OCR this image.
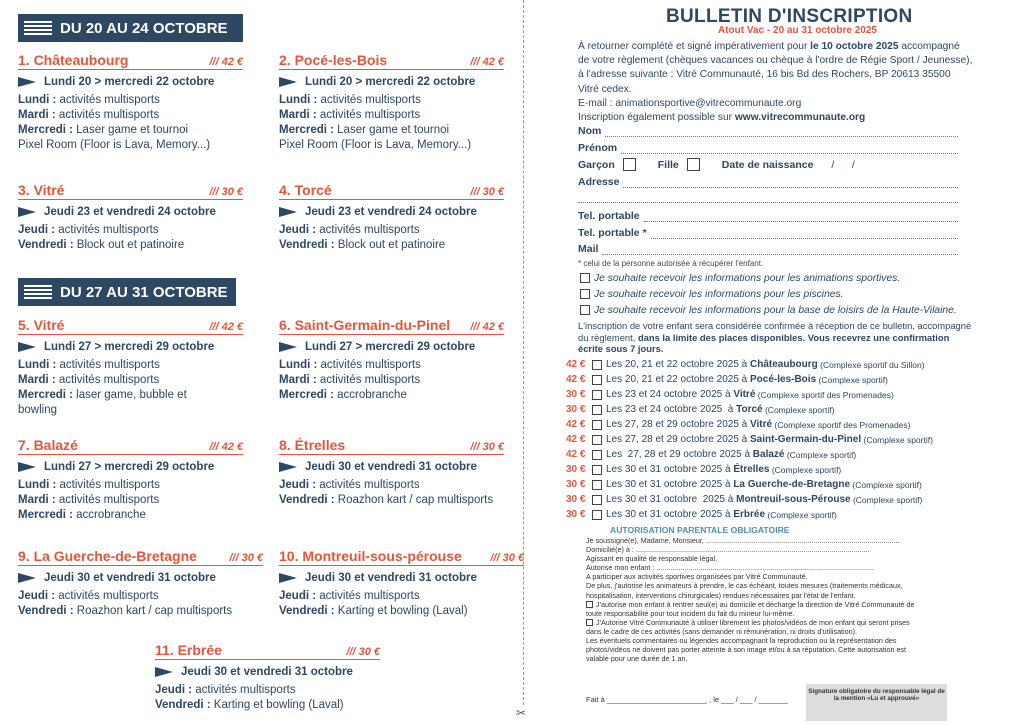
DU 20 AU 24 OCTOBRE
DU 27 AU 31 OCTOBRE
1. Châteaubourg	/// 42 €
Lundi 20 > mercredi 22 octobre
Lundi : activités multisports
Mardi : activités multisports
Mercredi : Laser game et tournoi
Pixel Room (Floor is Lava, Memory...)
2. Pocé-les-Bois	/// 42 €
Lundi 20 > mercredi 22 octobre
Lundi : activités multisports
Mardi : activités multisports
Mercredi : Laser game et tournoi
Pixel Room (Floor is Lava, Memory...)
3. Vitré	/// 30 €
Jeudi 23 et vendredi 24 octobre
Jeudi : activités multisports
Vendredi : Block out et patinoire
4. Torcé	/// 30 €
Jeudi 23 et vendredi 24 octobre
Jeudi : activités multisports
Vendredi : Block out et patinoire
5. Vitré	/// 42 €
Lundi 27 > mercredi 29 octobre
Lundi : activités multisports
Mardi : activités multisports
Mercredi : laser game, bubble et
bowling
6. Saint-Germain-du-Pinel	/// 42 €
Lundi 27 > mercredi 29 octobre
Lundi : activités multisports
Mardi : activités multisports
Mercredi : accrobranche
7. Balazé	/// 42 €
Lundi 27 > mercredi 29 octobre
Lundi : activités multisports
Mardi : activités multisports
Mercredi : accrobranche
8. Étrelles	/// 30 €
Jeudi 30 et vendredi 31 octobre
Jeudi : activités multisports
Vendredi : Roazhon kart / cap multisports
9. La Guerche-de-Bretagne	/// 30 €
Jeudi 30 et vendredi 31 octobre
Jeudi : activités multisports
Vendredi : Roazhon kart / cap multisports
10. Montreuil-sous-pérouse	/// 30 €
Jeudi 30 et vendredi 31 octobre
Jeudi : activités multisports
Vendredi : Karting et bowling (Laval)
11. Erbrée	/// 30 €
Jeudi 30 et vendredi 31 octobre
Jeudi : activités multisports
Vendredi : Karting et bowling (Laval)
✂
BULLETIN D'INSCRIPTION
Atout Vac - 20 au 31 octobre 2025
À retourner complété et signé impérativement pour le 10 octobre 2025 accompagné de votre règlement (chèques vacances ou chèque à l'ordre de Régie Sport / Jeunesse), à l'adresse suivante : Vitré Communauté, 16 bis Bd des Rochers, BP 20613 35500 Vitré cedex.
E-mail : animationsportive@vitrecommunaute.org
Inscription également possible sur www.vitrecommunaute.org
Nom
Prénom
Garçon	Fille	Date de naissance /      /
Adresse
Tel. portable
Tel. portable *
Mail
* celui de la personne autorisée à récupérer l'enfant.
Je souhaite recevoir les informations pour les animations sportives.
Je souhaite recevoir les informations pour les piscines.
Je souhaite recevoir les informations pour la base de loisirs de la Haute-Vilaine.
L'inscription de votre enfant sera considérée confirmée à réception de ce bulletin, accompagné du règlement, dans la limite des places disponibles. Vous recevrez une confirmation écrite sous 7 jours.
42 €	Les 20, 21 et 22 octobre 2025 à Châteaubourg (Complexe sportif du Sillon)
42 €	Les 20, 21 et 22 octobre 2025 à Pocé-les-Bois (Complexe sportif)
30 €	Les 23 et 24 octobre 2025 à Vitré (Complexe sportif des Promenades)
30 €	Les 23 et 24 octobre 2025  à Torcé (Complexe sportif)
42 €	Les 27, 28 et 29 octobre 2025 à Vitré (Complexe sportif des Promenades)
42 €	Les 27, 28 et 29 octobre 2025 à Saint-Germain-du-Pinel (Complexe sportif)
42 €	Les  27, 28 et 29 octobre 2025 à Balazé (Complexe sportif)
30 €	Les 30 et 31 octobre 2025 à Étrelles (Complexe sportif)
30 €	Les 30 et 31 octobre 2025 à La Guerche-de-Bretagne (Complexe sportif)
30 €	Les 30 et 31 octobre  2025 à Montreuil-sous-Pérouse (Complexe sportif)
30 €	Les 30 et 31 octobre 2025 à Erbrée (Complexe sportif)
AUTORISATION PARENTALE OBLIGATOIRE
Je soussigné(e), Madame, Monsieur, .................................................................................................
Domicilié(e) à : .....................................................................................................................
Agissant en qualité de responsable légal,
Autorise mon enfant : .............................................................................................................
A participer aux activités sportives organisées par Vitré Communauté.
De plus, j'autorise les animateurs à prendre, le cas échéant, toutes mesures (traitements médicaux, hospitalisation, interventions chirurgicales) rendues nécessaires par l'état de l'enfant.
J'autorise mon enfant à rentrer seul(e) au domicile et décharge la direction de Vitré Communauté de toute responsabilité pour tout incident du fait du mineur lui-même.
J'Autorise Vitré Communauté à utiliser librement les photos/vidéos de mon enfant qui seront prises dans le cadre de ces activités (sans demander ni rémunération, ni droits d'utilisation).
Les éventuels commentaires ou légendes accompagnant la reproduction ou la représentation des photos/vidéos ne doivent pas porter atteinte à son image et/ou à sa réputation. Cette autorisation est valable pour une durée de 1 an.
Fait à ________________________ , le ___ / ___ / _______
Signature obligatoire du responsable légal de la mention «Lu et approuvé»
